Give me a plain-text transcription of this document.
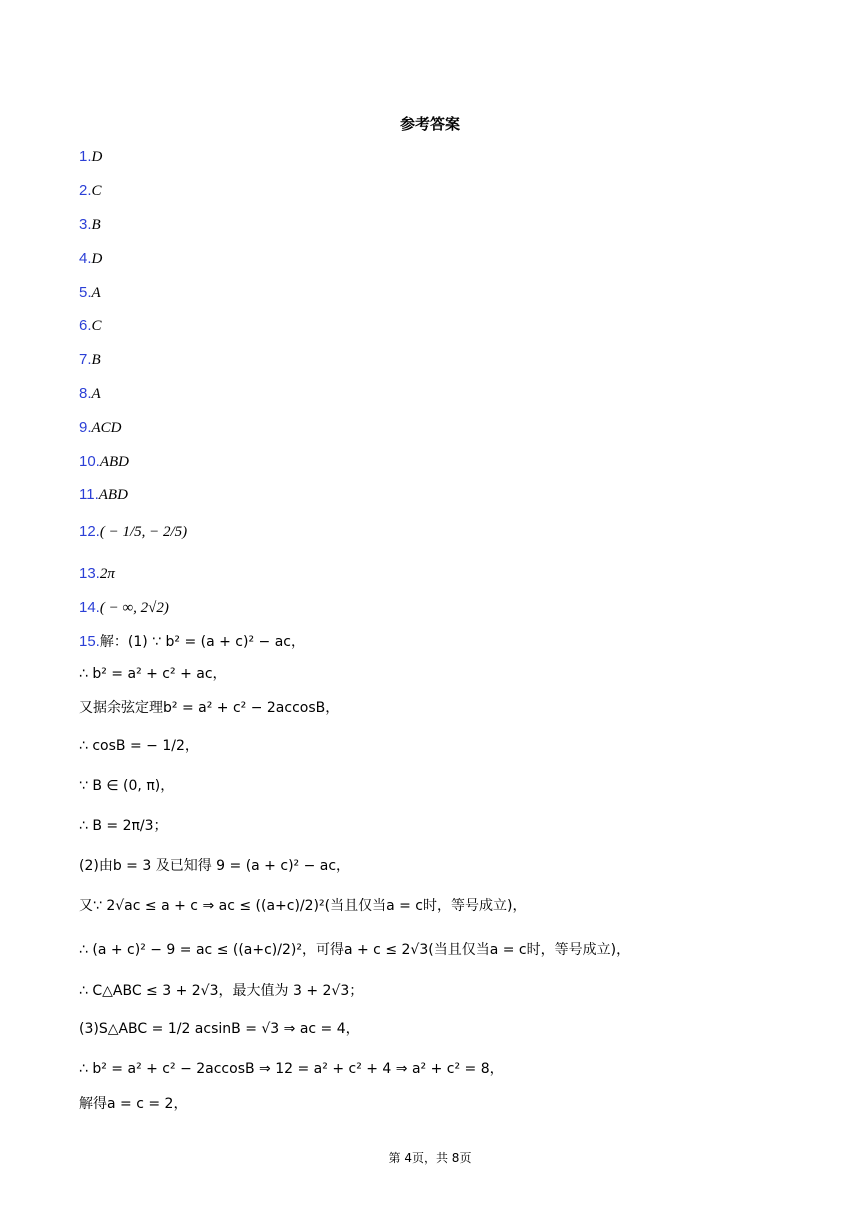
参考答案
1.D
2.C
3.B
4.D
5.A
6.C
7.B
8.A
9.ACD
10.ABD
11.ABD
12.( − 1/5, − 2/5)
13.2π
14.( − ∞, 2√2)
15.解：(1) ∵ b² = (a + c)² − ac，
∴ b² = a² + c² + ac，
又据余弦定理b² = a² + c² − 2accosB，
∴ cosB = − 1/2，
∵ B ∈ (0, π)，
∴ B = 2π/3；
(2)由b = 3 及已知得 9 = (a + c)² − ac，
又∵ 2√ac ≤ a + c ⇒ ac ≤ ((a+c)/2)²(当且仅当a = c时，等号成立)，
∴ (a + c)² − 9 = ac ≤ ((a+c)/2)²，可得a + c ≤ 2√3(当且仅当a = c时，等号成立)，
∴ C△ABC ≤ 3 + 2√3，最大值为 3 + 2√3；
(3)S△ABC = 1/2 acsinB = √3 ⇒ ac = 4，
∴ b² = a² + c² − 2accosB ⇒ 12 = a² + c² + 4 ⇒ a² + c² = 8，
解得a = c = 2，
第 4页，共 8页
